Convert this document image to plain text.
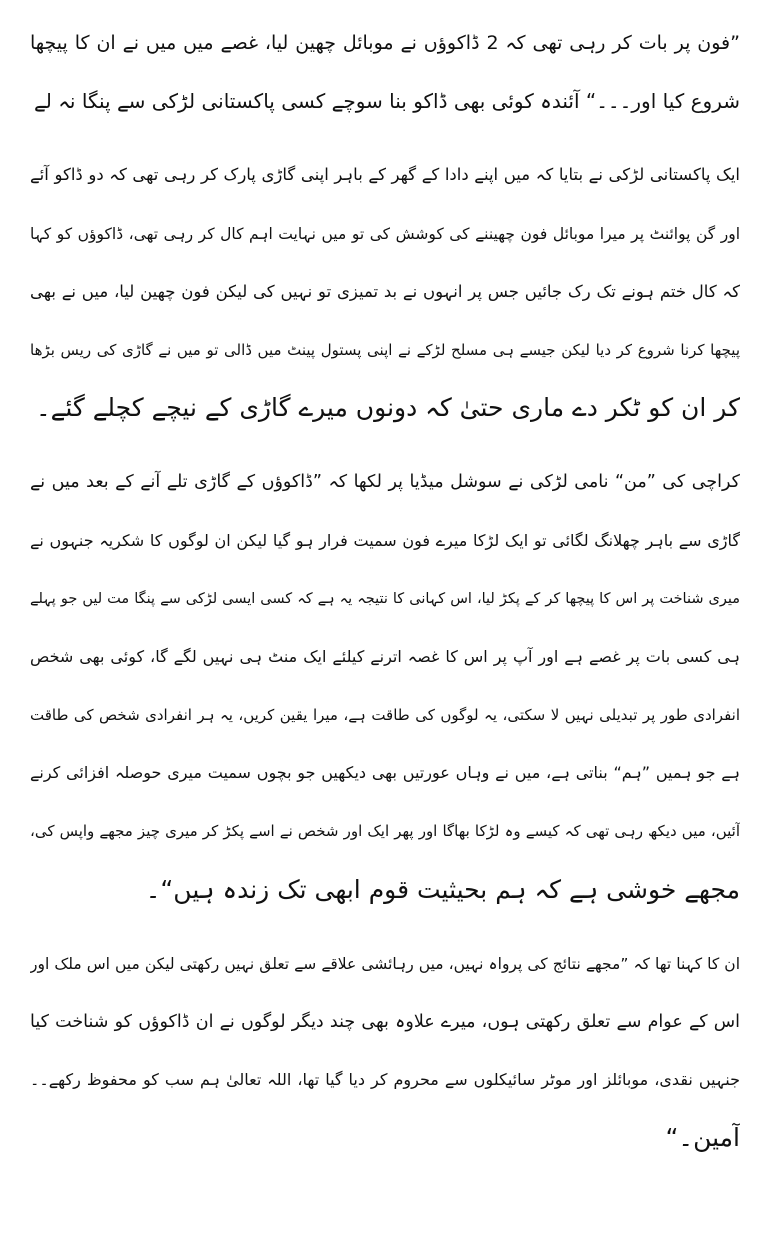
”فون پر بات کر رہی تھی کہ 2 ڈاکوؤں نے موبائل چھین لیا، غصے میں میں نے ان کا پیچھا
شروع کیا اور۔۔۔“ آئندہ کوئی بھی ڈاکو بنا سوچے کسی پاکستانی لڑکی سے پنگا نہ لے
ایک پاکستانی لڑکی نے بتایا کہ میں اپنے دادا کے گھر کے باہر اپنی گاڑی پارک کر رہی تھی کہ دو ڈاکو آئے
اور گن پوائنٹ پر میرا موبائل فون چھیننے کی کوشش کی تو میں نہایت اہم کال کر رہی تھی، ڈاکوؤں کو کہا
کہ کال ختم ہونے تک رک جائیں جس پر انہوں نے بد تمیزی تو نہیں کی لیکن فون چھین لیا، میں نے بھی
پیچھا کرنا شروع کر دیا لیکن جیسے ہی مسلح لڑکے نے اپنی پستول پینٹ میں ڈالی تو میں نے گاڑی کی ریس بڑھا
کر ان کو ٹکر دے ماری حتیٰ کہ دونوں میرے گاڑی کے نیچے کچلے گئے۔
کراچی کی ”من“ نامی لڑکی نے سوشل میڈیا پر لکھا کہ ”ڈاکوؤں کے گاڑی تلے آنے کے بعد میں نے
گاڑی سے باہر چھلانگ لگائی تو ایک لڑکا میرے فون سمیت فرار ہو گیا لیکن ان لوگوں کا شکریہ جنہوں نے
میری شناخت پر اس کا پیچھا کر کے پکڑ لیا، اس کہانی کا نتیجہ یہ ہے کہ کسی ایسی لڑکی سے پنگا مت لیں جو پہلے
ہی کسی بات پر غصے ہے اور آپ پر اس کا غصہ اترنے کیلئے ایک منٹ ہی نہیں لگے گا، کوئی بھی شخص
انفرادی طور پر تبدیلی نہیں لا سکتی، یہ لوگوں کی طاقت ہے، میرا یقین کریں، یہ ہر انفرادی شخص کی طاقت
ہے جو ہمیں ”ہم“ بناتی ہے، میں نے وہاں عورتیں بھی دیکھیں جو بچوں سمیت میری حوصلہ افزائی کرنے
آئیں، میں دیکھ رہی تھی کہ کیسے وہ لڑکا بھاگا اور پھر ایک اور شخص نے اسے پکڑ کر میری چیز مجھے واپس کی،
مجھے خوشی ہے کہ ہم بحیثیت قوم ابھی تک زندہ ہیں“۔
ان کا کہنا تھا کہ ”مجھے نتائج کی پرواہ نہیں، میں رہائشی علاقے سے تعلق نہیں رکھتی لیکن میں اس ملک اور
اس کے عوام سے تعلق رکھتی ہوں، میرے علاوہ بھی چند دیگر لوگوں نے ان ڈاکوؤں کو شناخت کیا
جنہیں نقدی، موبائلز اور موٹر سائیکلوں سے محروم کر دیا گیا تھا، اللہ تعالیٰ ہم سب کو محفوظ رکھے۔۔
آمین۔“
